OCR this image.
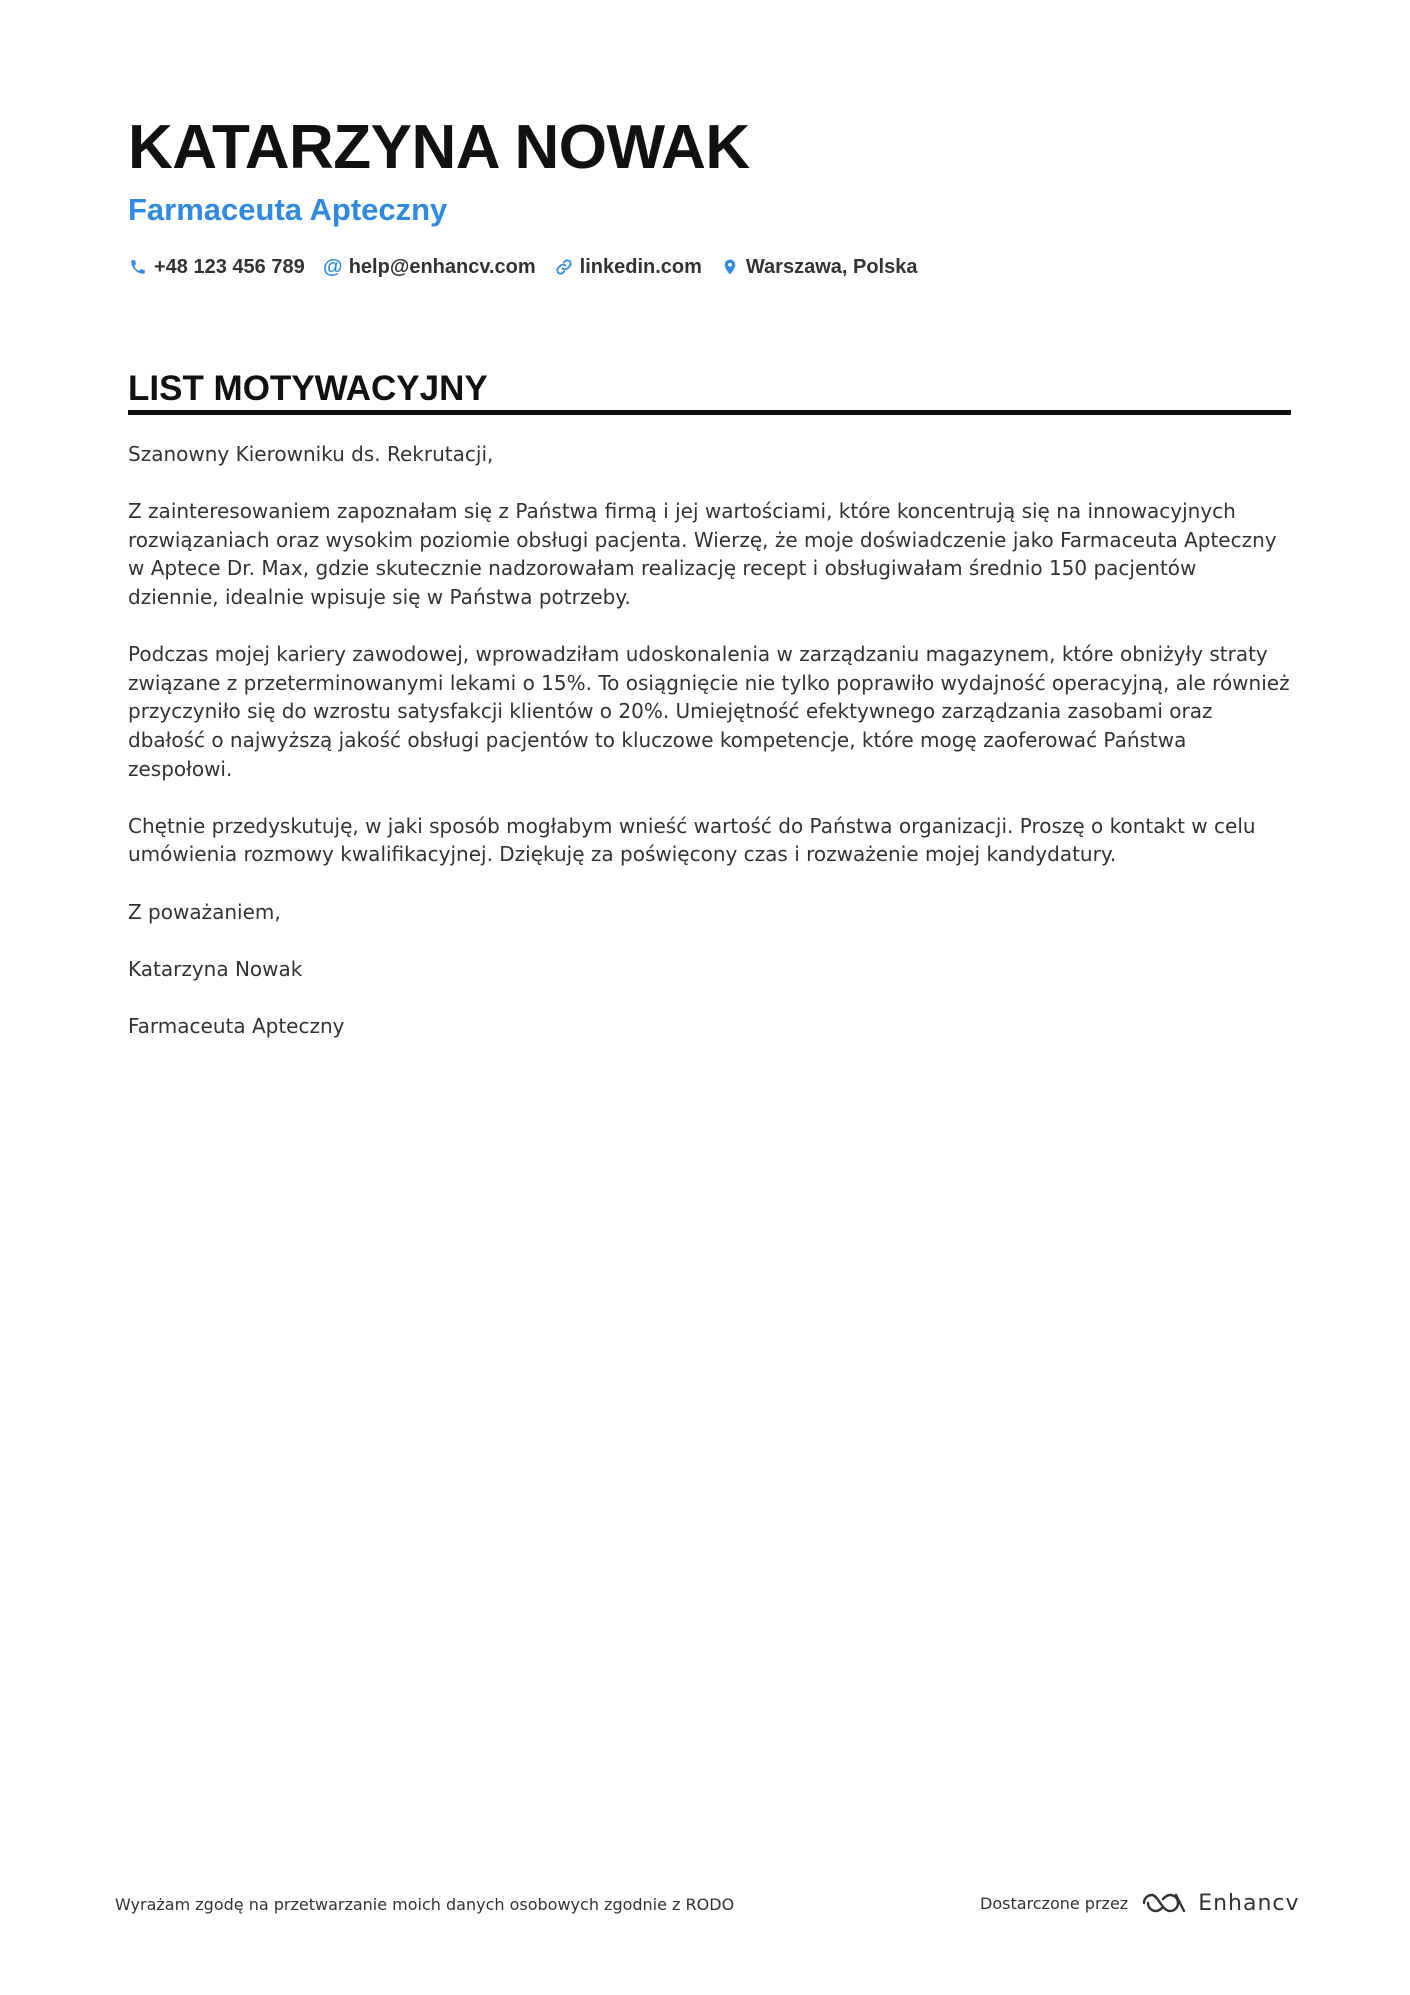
KATARZYNA NOWAK
Farmaceuta Apteczny
+48 123 456 789 @ help@enhancv.com linkedin.com Warszawa, Polska
LIST MOTYWACYJNY

Szanowny Kierowniku ds. Rekrutacji,

Z zainteresowaniem zapoznałam się z Państwa firmą i jej wartościami, które koncentrują się na innowacyjnych rozwiązaniach oraz wysokim poziomie obsługi pacjenta. Wierzę, że moje doświadczenie jako Farmaceuta Apteczny w Aptece Dr. Max, gdzie skutecznie nadzorowałam realizację recept i obsługiwałam średnio 150 pacjentów dziennie, idealnie wpisuje się w Państwa potrzeby.

Podczas mojej kariery zawodowej, wprowadziłam udoskonalenia w zarządzaniu magazynem, które obniżyły straty związane z przeterminowanymi lekami o 15%. To osiągnięcie nie tylko poprawiło wydajność operacyjną, ale również przyczyniło się do wzrostu satysfakcji klientów o 20%. Umiejętność efektywnego zarządzania zasobami oraz dbałość o najwyższą jakość obsługi pacjentów to kluczowe kompetencje, które mogę zaoferować Państwa zespołowi.

Chętnie przedyskutuję, w jaki sposób mogłabym wnieść wartość do Państwa organizacji. Proszę o kontakt w celu umówienia rozmowy kwalifikacyjnej. Dziękuję za poświęcony czas i rozważenie mojej kandydatury.

Z poważaniem,

Katarzyna Nowak

Farmaceuta Apteczny

Wyrażam zgodę na przetwarzanie moich danych osobowych zgodnie z RODO	Dostarczone przez	Enhancv
